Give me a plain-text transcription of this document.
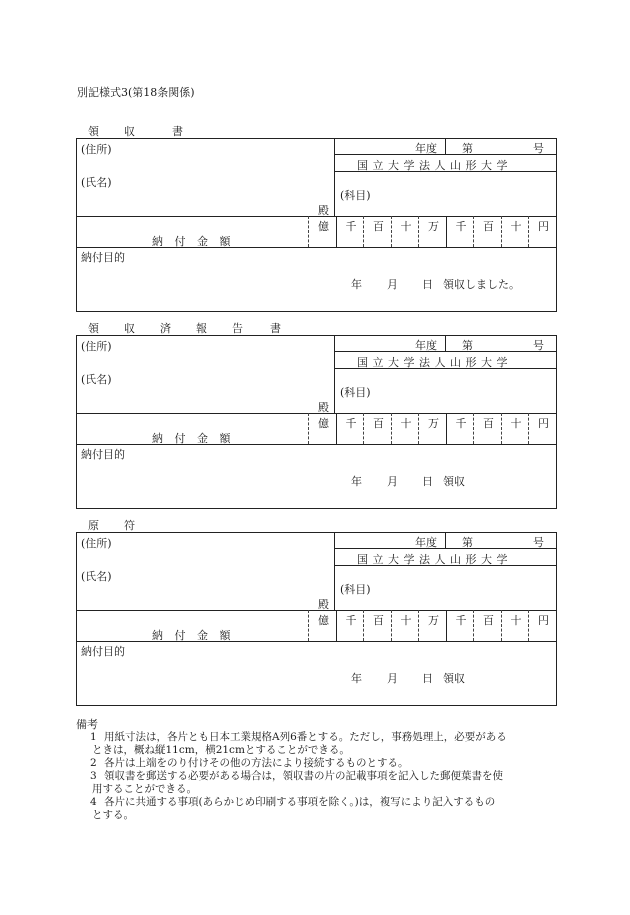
別記様式3(第18条関係)
領 収	書
(住所)
(氏名)
殿
年度 第	号
国 立 大 学 法 人 山 形 大 学
(科目)
億 千 百 十 万 千 百 十 円
納 付 金 額
納付目的
年 月 日 領収しました。
領 収 済 報 告 書
(住所)
(氏名)
殿
年度 第	号
国 立 大 学 法 人 山 形 大 学
(科目)
億 千 百 十 万 千 百 十 円
納 付 金 額
納付目的
年 月 日 領収
原 符
(住所)
(氏名)
殿
年度 第	号
国 立 大 学 法 人 山 形 大 学
(科目)
億 千 百 十 万 千 百 十 円
納 付 金 額
納付目的
年 月 日 領収
備考
1 用紙寸法は，各片とも日本工業規格A列6番とする。ただし，事務処理上，必要がある
ときは，概ね縦11cm，横21cmとすることができる。
2 各片は上端をのり付けその他の方法により接続するものとする。
3 領収書を郵送する必要がある場合は，領収書の片の記載事項を記入した郵便葉書を使
用することができる。
4 各片に共通する事項(あらかじめ印刷する事項を除く。)は，複写により記入するもの
とする。
